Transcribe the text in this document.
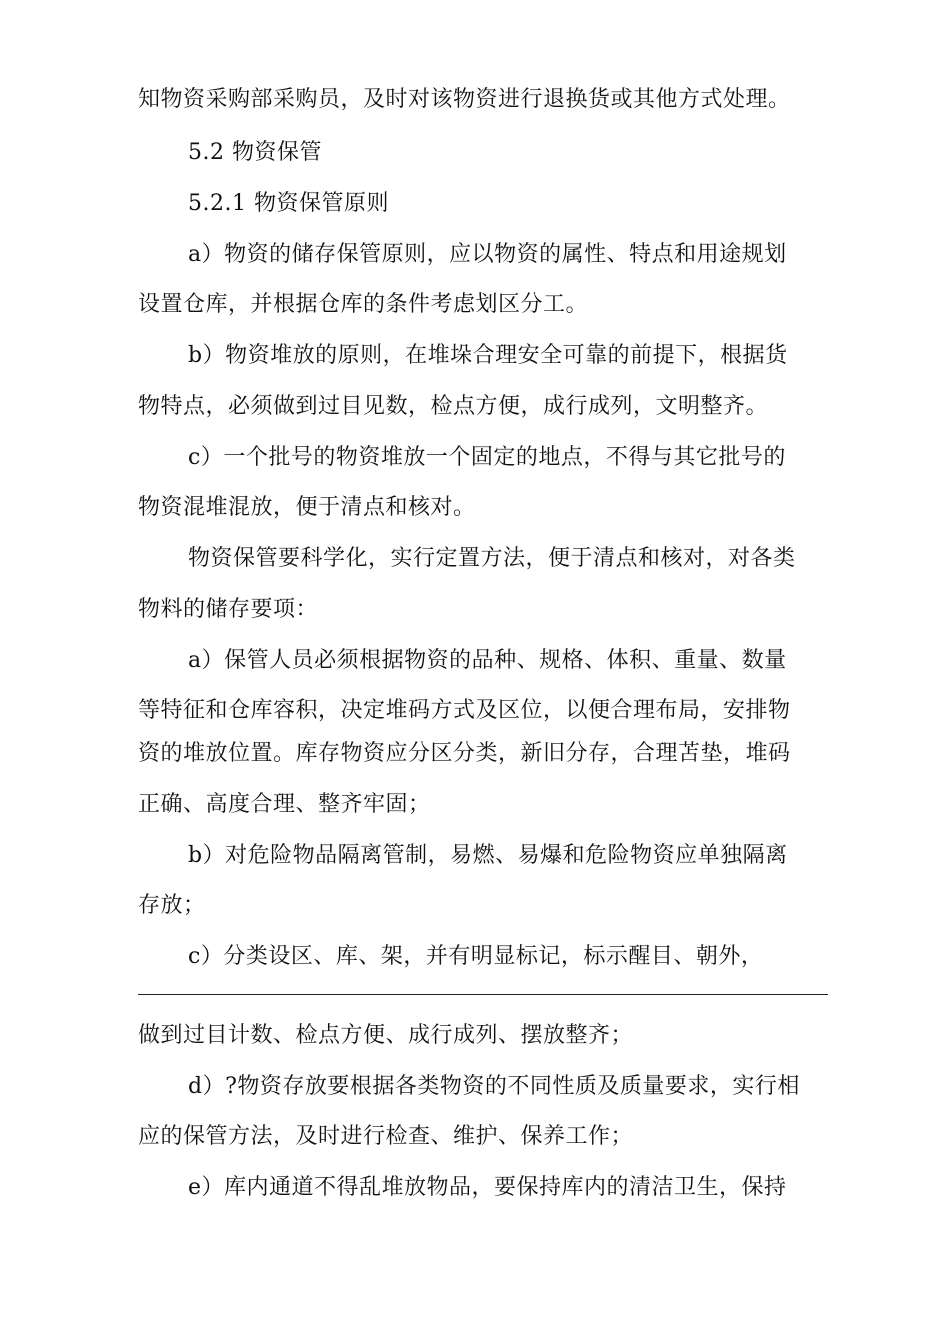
知物资采购部采购员，及时对该物资进行退换货或其他方式处理。

5.2 物资保管

5.2.1 物资保管原则

a）物资的储存保管原则，应以物资的属性、特点和用途规划

设置仓库，并根据仓库的条件考虑划区分工。

b）物资堆放的原则，在堆垛合理安全可靠的前提下，根据货

物特点，必须做到过目见数，检点方便，成行成列，文明整齐。

c）一个批号的物资堆放一个固定的地点，不得与其它批号的

物资混堆混放，便于清点和核对。

物资保管要科学化，实行定置方法，便于清点和核对，对各类

物料的储存要项：

a）保管人员必须根据物资的品种、规格、体积、重量、数量

等特征和仓库容积，决定堆码方式及区位，以便合理布局，安排物

资的堆放位置。库存物资应分区分类，新旧分存，合理苫垫，堆码

正确、高度合理、整齐牢固；

b）对危险物品隔离管制，易燃、易爆和危险物资应单独隔离

存放；

c）分类设区、库、架，并有明显标记，标示醒目、朝外，

做到过目计数、检点方便、成行成列、摆放整齐；

d）?物资存放要根据各类物资的不同性质及质量要求，实行相

应的保管方法，及时进行检查、维护、保养工作；

e）库内通道不得乱堆放物品，要保持库内的清洁卫生，保持
